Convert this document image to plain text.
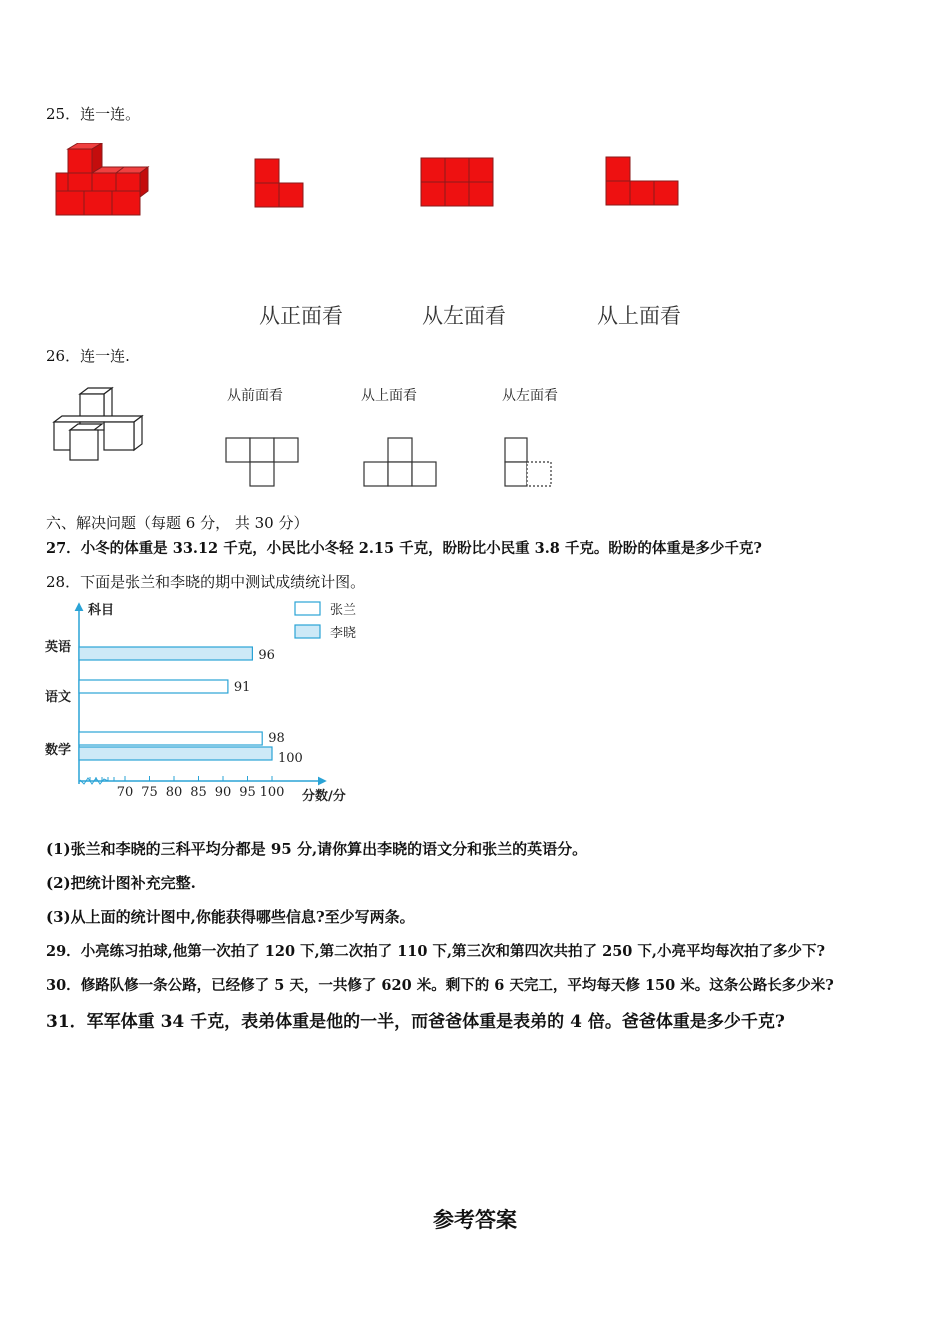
25．连一连。
从正面看	从左面看	从上面看
26．连一连.
从前面看	从上面看	从左面看
六、解决问题（每题 6 分， 共 30 分）
27．小冬的体重是 33.12 千克，小民比小冬轻 2.15 千克，盼盼比小民重 3.8 千克。盼盼的体重是多少千克?
28．下面是张兰和李晓的期中测试成绩统计图。
科目
分数/分
英语
语文
数学
96
91
98
100
70 75 80 85 90 95 100
张兰
李晓
(1)张兰和李晓的三科平均分都是 95 分,请你算出李晓的语文分和张兰的英语分。
(2)把统计图补充完整.
(3)从上面的统计图中,你能获得哪些信息?至少写两条。
29．小亮练习拍球,他第一次拍了 120 下,第二次拍了 110 下,第三次和第四次共拍了 250 下,小亮平均每次拍了多少下?
30．修路队修一条公路，已经修了 5 天，一共修了 620 米。剩下的 6 天完工，平均每天修 150 米。这条公路长多少米?
31．军军体重 34 千克，表弟体重是他的一半，而爸爸体重是表弟的 4 倍。爸爸体重是多少千克?
参考答案
